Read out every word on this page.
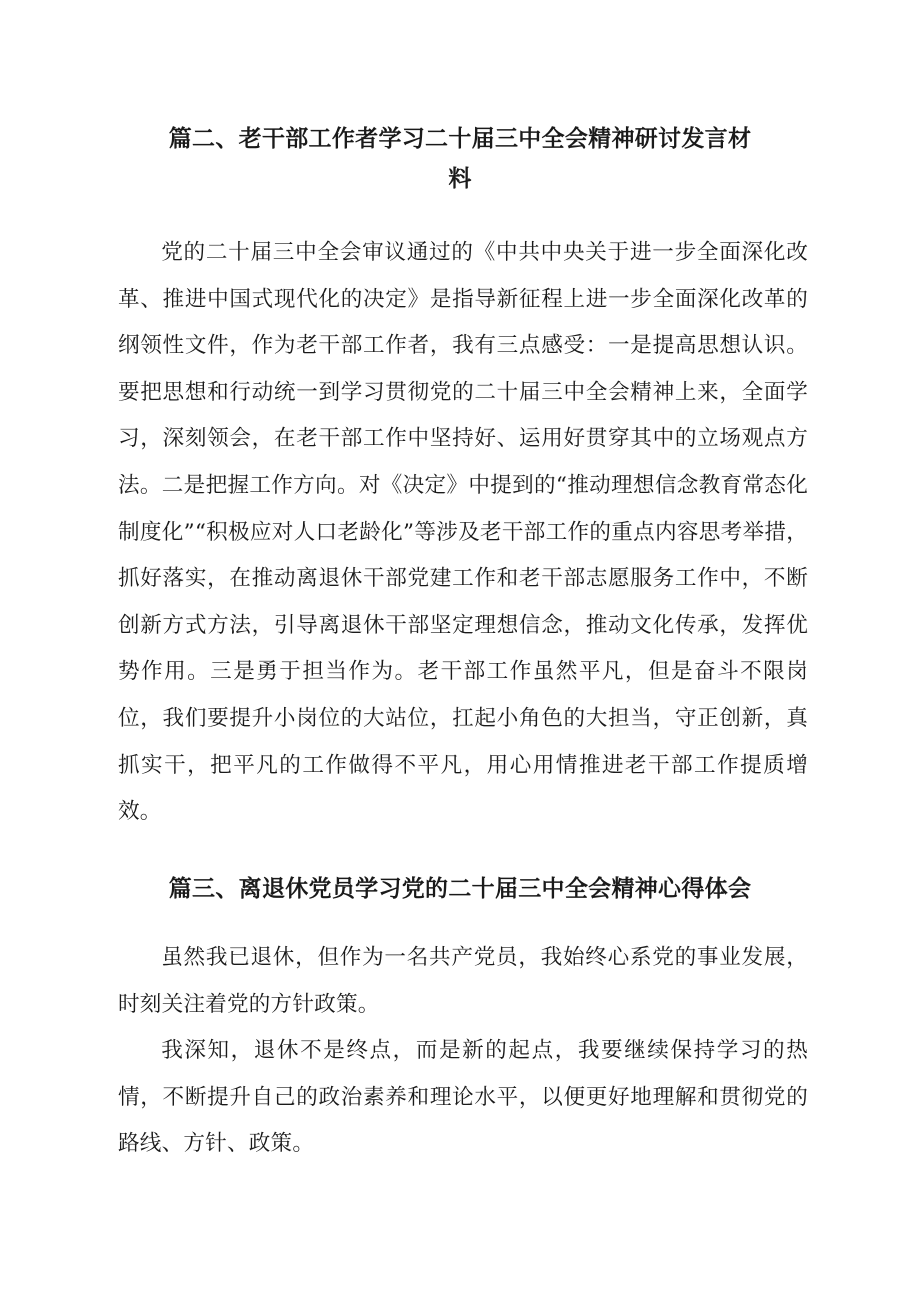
篇二、老干部工作者学习二十届三中全会精神研讨发言材
料

党的二十届三中全会审议通过的《中共中央关于进一步全面深化改革、推进中国式现代化的决定》是指导新征程上进一步全面深化改革的纲领性文件，作为老干部工作者，我有三点感受：一是提高思想认识。要把思想和行动统一到学习贯彻党的二十届三中全会精神上来，全面学习，深刻领会，在老干部工作中坚持好、运用好贯穿其中的立场观点方法。二是把握工作方向。对《决定》中提到的“推动理想信念教育常态化制度化”“积极应对人口老龄化”等涉及老干部工作的重点内容思考举措，抓好落实，在推动离退休干部党建工作和老干部志愿服务工作中，不断创新方式方法，引导离退休干部坚定理想信念，推动文化传承，发挥优势作用。三是勇于担当作为。老干部工作虽然平凡，但是奋斗不限岗位，我们要提升小岗位的大站位，扛起小角色的大担当，守正创新，真抓实干，把平凡的工作做得不平凡，用心用情推进老干部工作提质增效。

篇三、离退休党员学习党的二十届三中全会精神心得体会

虽然我已退休，但作为一名共产党员，我始终心系党的事业发展，时刻关注着党的方针政策。

我深知，退休不是终点，而是新的起点，我要继续保持学习的热情，不断提升自己的政治素养和理论水平，以便更好地理解和贯彻党的路线、方针、政策。
